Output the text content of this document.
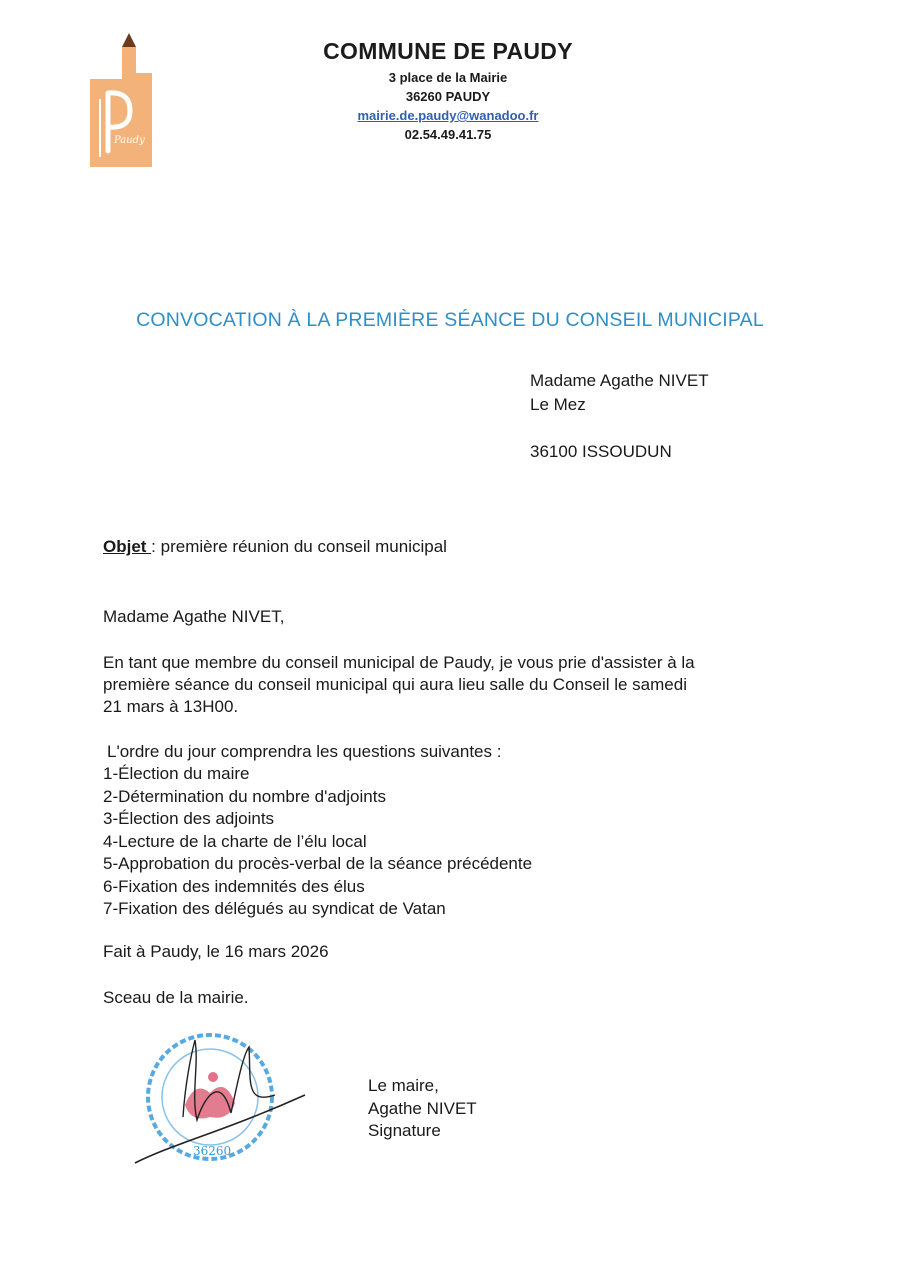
Paudy
COMMUNE DE PAUDY
3 place de la Mairie
36260 PAUDY
mairie.de.paudy@wanadoo.fr
02.54.49.41.75
CONVOCATION À LA PREMIÈRE SÉANCE DU CONSEIL MUNICIPAL
Madame Agathe NIVET
Le Mez
36100 ISSOUDUN
Objet : première réunion du conseil municipal
Madame Agathe NIVET,
En tant que membre du conseil municipal de Paudy, je vous prie d'assister à la
première séance du conseil municipal qui aura lieu salle du Conseil le samedi
21 mars à 13H00.
L'ordre du jour comprendra les questions suivantes :
1-Élection du maire
2-Détermination du nombre d'adjoints
3-Élection des adjoints
4-Lecture de la charte de l’élu local
5-Approbation du procès-verbal de la séance précédente
6-Fixation des indemnités des élus
7-Fixation des délégués au syndicat de Vatan
Fait à Paudy, le 16 mars 2026
Sceau de la mairie.
36260
Le maire,
Agathe NIVET
Signature
